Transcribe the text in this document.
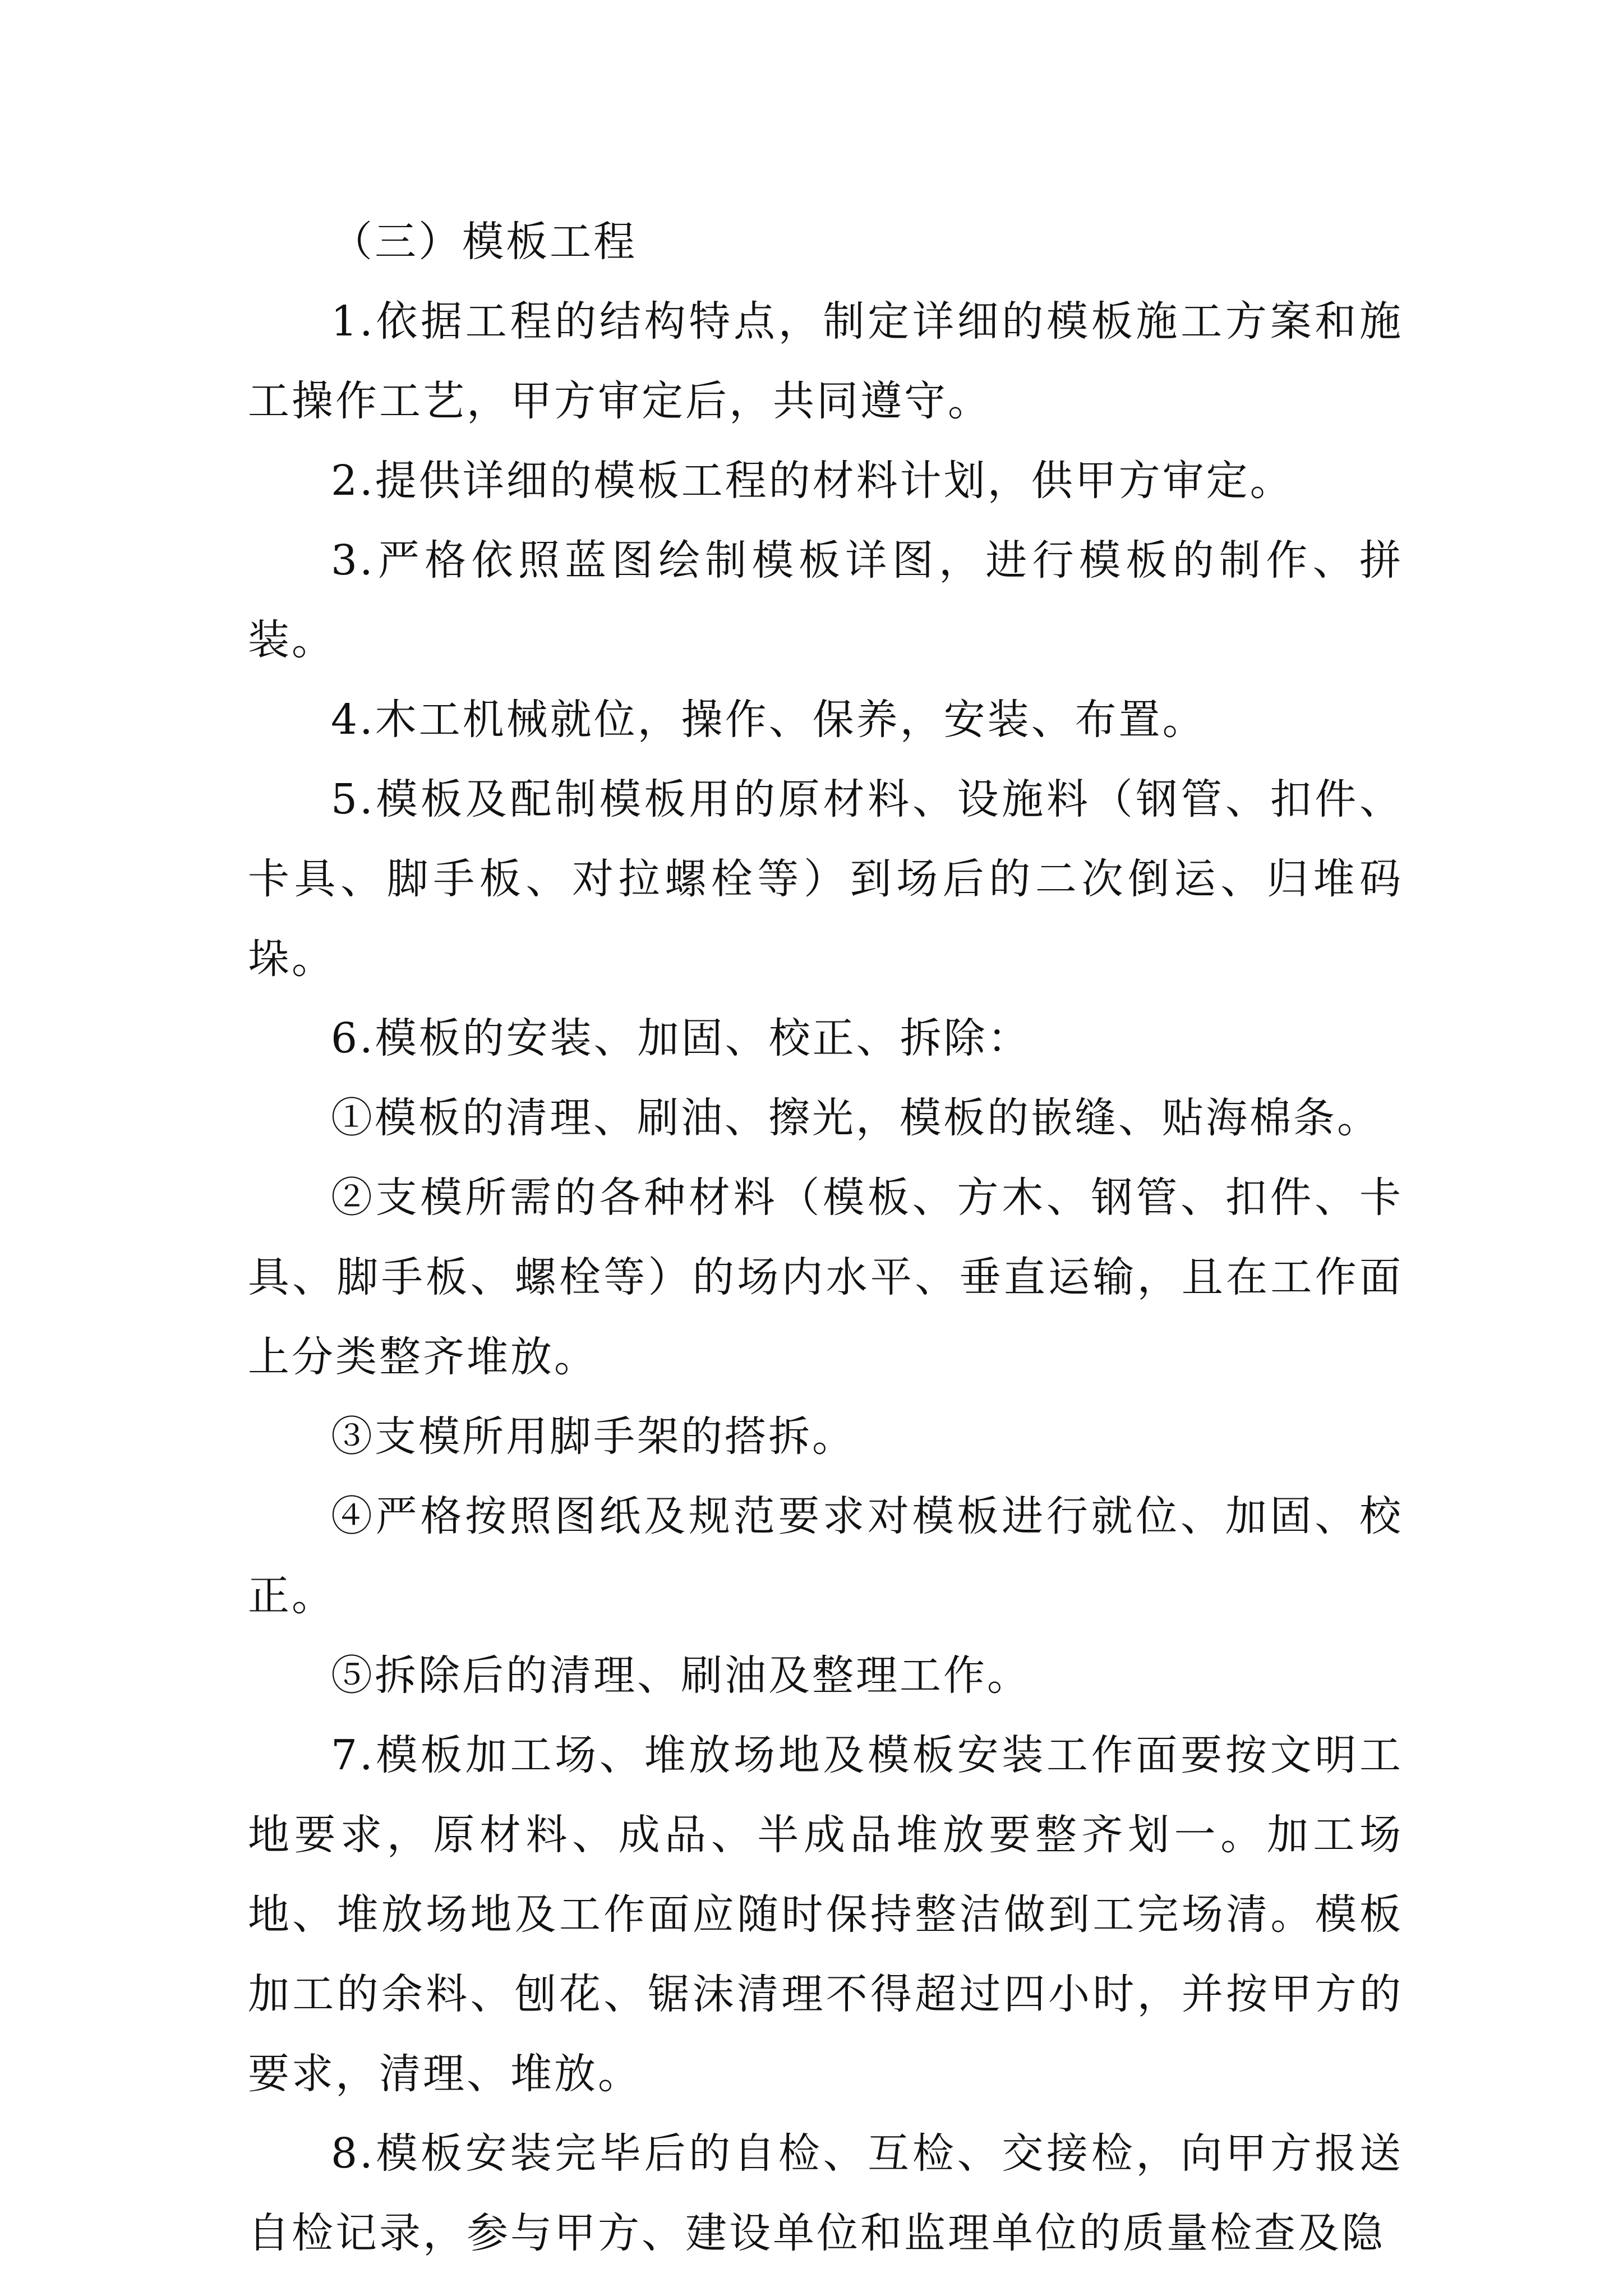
（三）模板工程

1.依据工程的结构特点，制定详细的模板施工方案和施工操作工艺，甲方审定后，共同遵守。

2.提供详细的模板工程的材料计划，供甲方审定。

3.严格依照蓝图绘制模板详图，进行模板的制作、拼装。

4.木工机械就位，操作、保养，安装、布置。

5.模板及配制模板用的原材料、设施料（钢管、扣件、卡具、脚手板、对拉螺栓等）到场后的二次倒运、归堆码垛。

6.模板的安装、加固、校正、拆除：

①模板的清理、刷油、擦光，模板的嵌缝、贴海棉条。

②支模所需的各种材料（模板、方木、钢管、扣件、卡具、脚手板、螺栓等）的场内水平、垂直运输，且在工作面上分类整齐堆放。

③支模所用脚手架的搭拆。

④严格按照图纸及规范要求对模板进行就位、加固、校正。

⑤拆除后的清理、刷油及整理工作。

7.模板加工场、堆放场地及模板安装工作面要按文明工地要求，原材料、成品、半成品堆放要整齐划一。加工场地、堆放场地及工作面应随时保持整洁做到工完场清。模板加工的余料、刨花、锯沫清理不得超过四小时，并按甲方的要求，清理、堆放。

8.模板安装完毕后的自检、互检、交接检，向甲方报送自检记录，参与甲方、建设单位和监理单位的质量检查及隐
